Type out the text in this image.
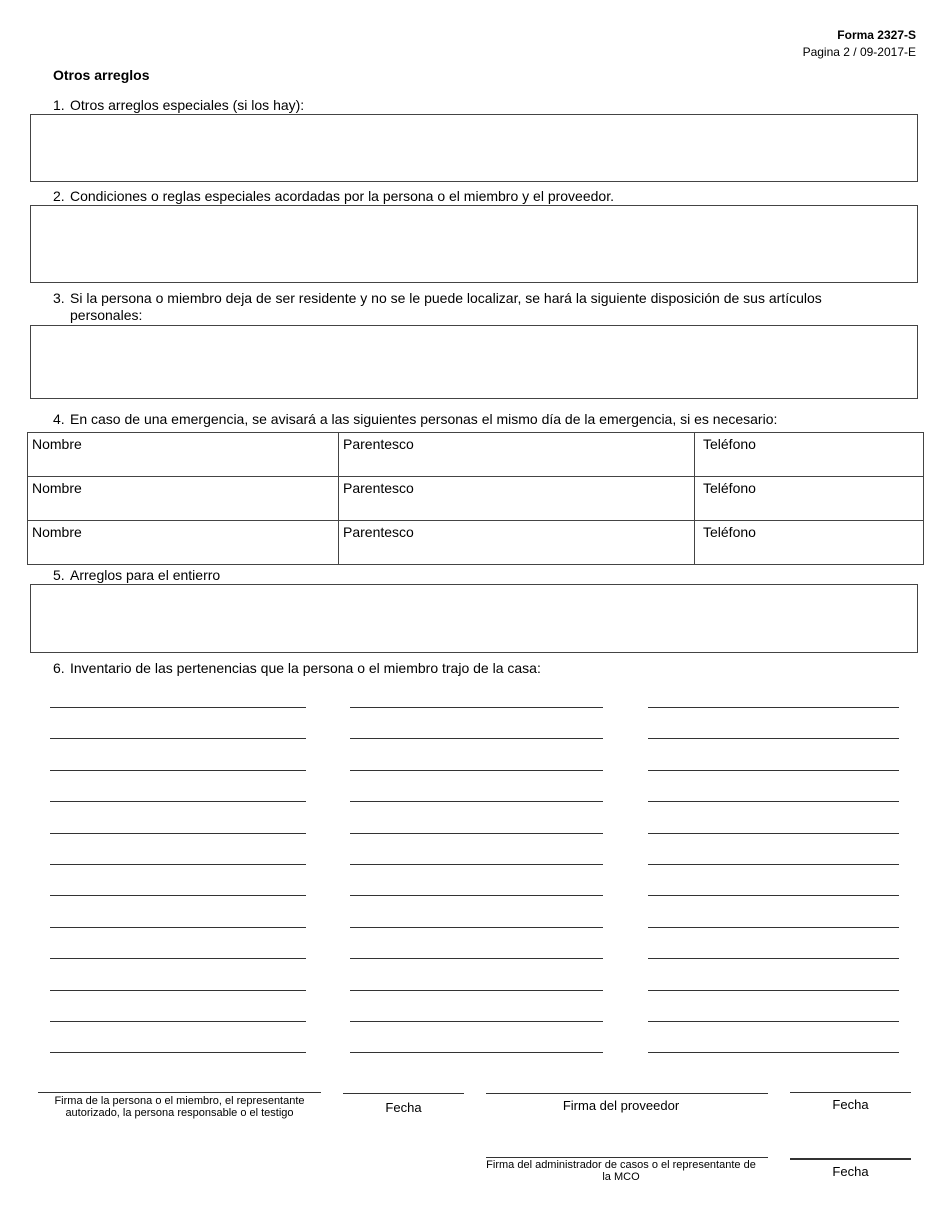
Forma 2327-S
Pagina 2 / 09-2017-E
Otros arreglos
1. Otros arreglos especiales (si los hay):
2. Condiciones o reglas especiales acordadas por la persona o el miembro y el proveedor.
3. Si la persona o miembro deja de ser residente y no se le puede localizar, se hará la siguiente disposición de sus artículos personales:
4. En caso de una emergencia, se avisará a las siguientes personas el mismo día de la emergencia, si es necesario:
Nombre	Parentesco	Teléfono
Nombre	Parentesco	Teléfono
Nombre	Parentesco	Teléfono
5. Arreglos para el entierro
6. Inventario de las pertenencias que la persona o el miembro trajo de la casa:
Firma de la persona o el miembro, el representante autorizado, la persona responsable o el testigo	Fecha	Firma del proveedor	Fecha
Firma del administrador de casos o el representante de la MCO	Fecha
